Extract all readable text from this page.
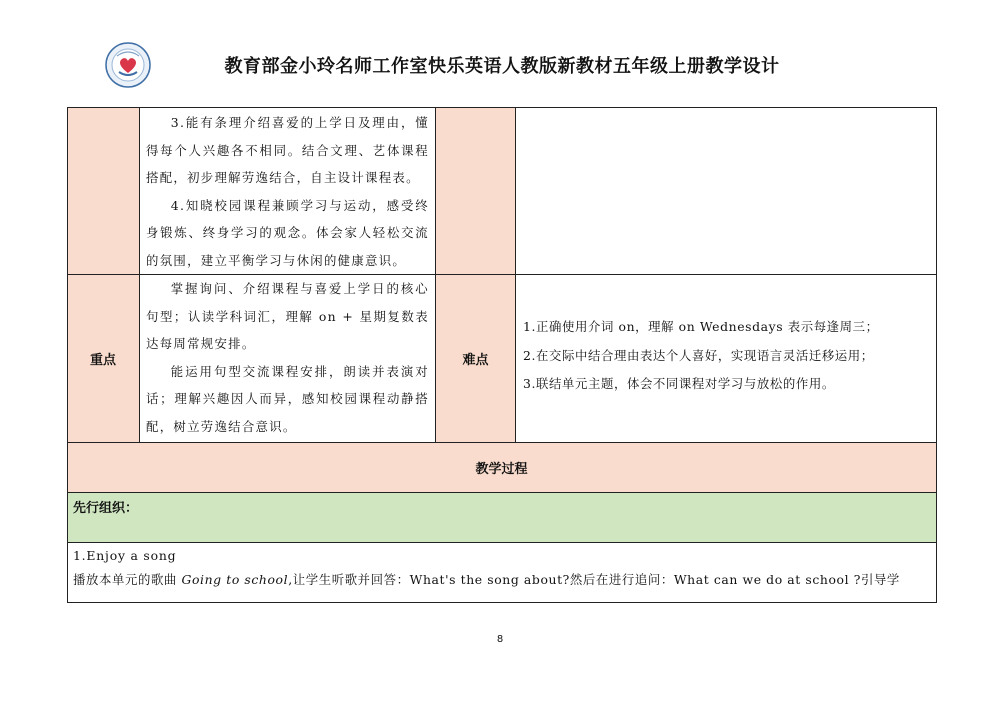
教育部金小玲名师工作室快乐英语人教版新教材五年级上册教学设计

3.能有条理介绍喜爱的上学日及理由，懂得每个人兴趣各不相同。结合文理、艺体课程搭配，初步理解劳逸结合，自主设计课程表。

4.知晓校园课程兼顾学习与运动，感受终身锻炼、终身学习的观念。体会家人轻松交流的氛围，建立平衡学习与休闲的健康意识。

重点

掌握询问、介绍课程与喜爱上学日的核心句型；认读学科词汇，理解 on + 星期复数表达每周常规安排。

能运用句型交流课程安排，朗读并表演对话；理解兴趣因人而异，感知校园课程动静搭配，树立劳逸结合意识。

难点

1.正确使用介词 on，理解 on Wednesdays 表示每逢周三；

2.在交际中结合理由表达个人喜好，实现语言灵活迁移运用；

3.联结单元主题，体会不同课程对学习与放松的作用。

教学过程
先行组织：
1.Enjoy a song
播放本单元的歌曲 Going to school,让学生听歌并回答：What's the song about?然后在进行追问：What can we do at school ?引导学
8
